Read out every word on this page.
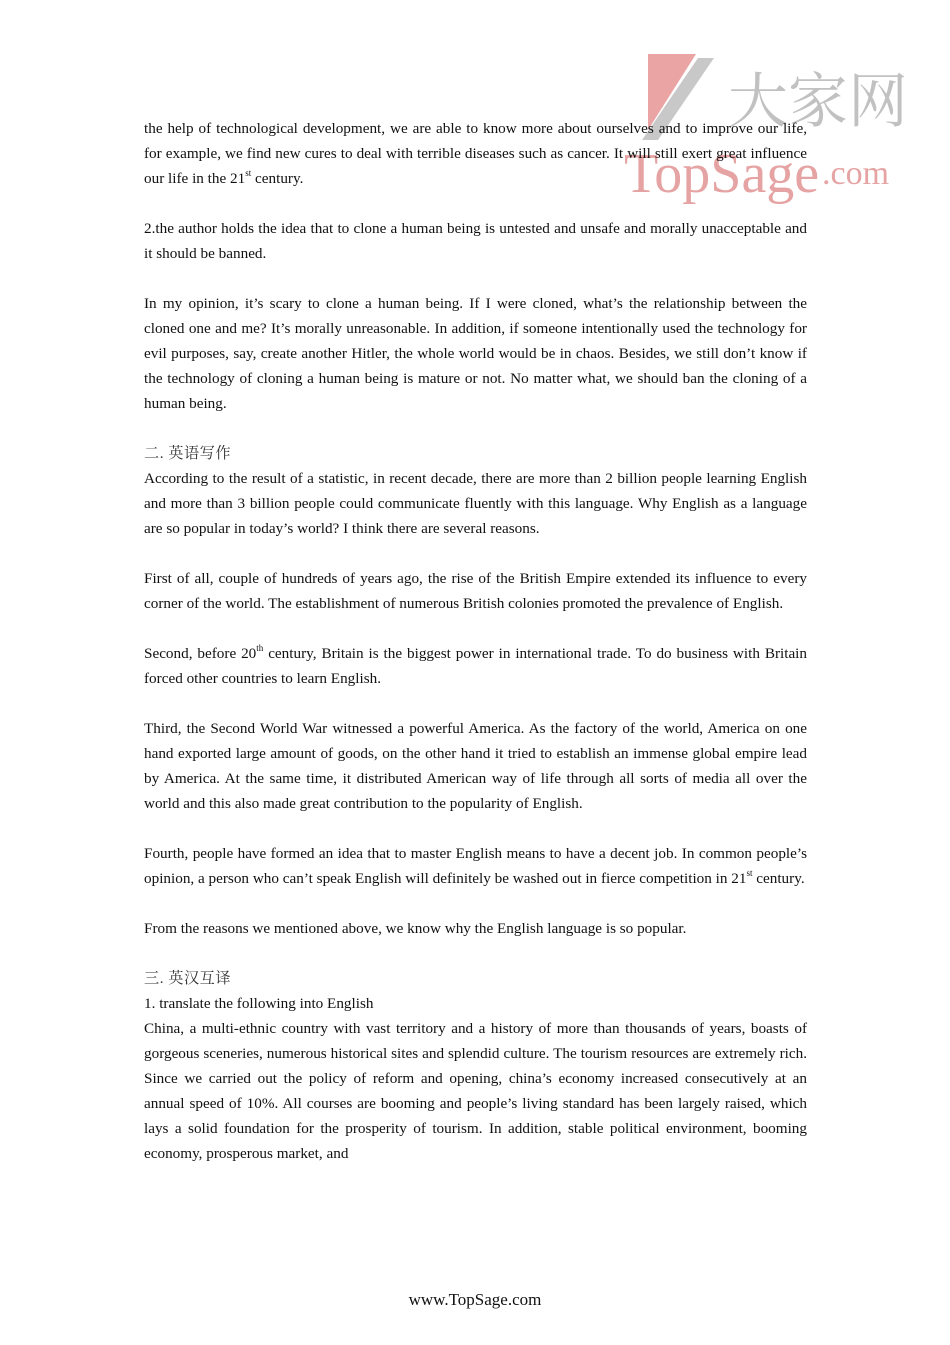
大家网
TopSage .com

the help of technological development, we are able to know more about ourselves and to improve our life, for example, we find new cures to deal with terrible diseases such as cancer. It will still exert great influence our life in the 21st century.

2.the author holds the idea that to clone a human being is untested and unsafe and morally unacceptable and it should be banned.

In my opinion, it’s scary to clone a human being. If I were cloned, what’s the relationship between the cloned one and me? It’s morally unreasonable. In addition, if someone intentionally used the technology for evil purposes, say, create another Hitler, the whole world would be in chaos. Besides, we still don’t know if the technology of cloning a human being is mature or not. No matter what, we should ban the cloning of a human being.

二. 英语写作

According to the result of a statistic, in recent decade, there are more than 2 billion people learning English and more than 3 billion people could communicate fluently with this language. Why English as a language are so popular in today’s world? I think there are several reasons.

First of all, couple of hundreds of years ago, the rise of the British Empire extended its influence to every corner of the world. The establishment of numerous British colonies promoted the prevalence of English.

Second, before 20th century, Britain is the biggest power in international trade. To do business with Britain forced other countries to learn English.

Third, the Second World War witnessed a powerful America. As the factory of the world, America on one hand exported large amount of goods, on the other hand it tried to establish an immense global empire lead by America. At the same time, it distributed American way of life through all sorts of media all over the world and this also made great contribution to the popularity of English.

Fourth, people have formed an idea that to master English means to have a decent job. In common people’s opinion, a person who can’t speak English will definitely be washed out in fierce competition in 21st century.

From the reasons we mentioned above, we know why the English language is so popular.

三. 英汉互译

1. translate the following into English

China, a multi-ethnic country with vast territory and a history of more than thousands of years, boasts of gorgeous sceneries, numerous historical sites and splendid culture. The tourism resources are extremely rich. Since we carried out the policy of reform and opening, china’s economy increased consecutively at an annual speed of 10%. All courses are booming and people’s living standard has been largely raised, which lays a solid foundation for the prosperity of tourism. In addition, stable political environment, booming economy, prosperous market, and

www.TopSage.com
